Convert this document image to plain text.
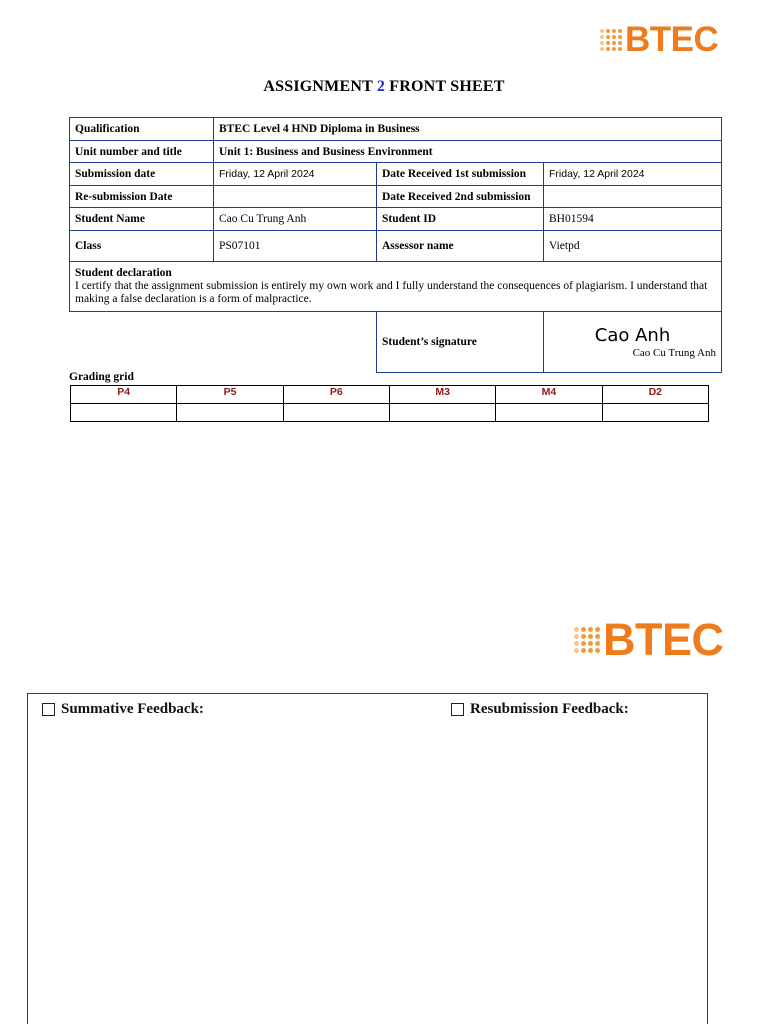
BTEC
ASSIGNMENT 2 FRONT SHEET
Qualification	BTEC Level 4 HND Diploma in Business		
Unit number and title	Unit 1: Business and Business Environment		
Submission date	Friday, 12 April 2024	Date Received 1st submission	Friday, 12 April 2024
Re-submission Date		Date Received 2nd submission	
Student Name	Cao Cu Trung Anh	Student ID	BH01594
Class	PS07101	Assessor name	Vietpd

Student declaration
I certify that the assignment submission is entirely my own work and I fully understand the consequences of plagiarism. I understand that making a false declaration is a form of malpractice.			

		Student’s signature	Cao Anh
Cao Cu Trung Anh
Grading grid
P4	P5	P6	M3	M4	D2

BTEC
Summative Feedback:	Resubmission Feedback:
